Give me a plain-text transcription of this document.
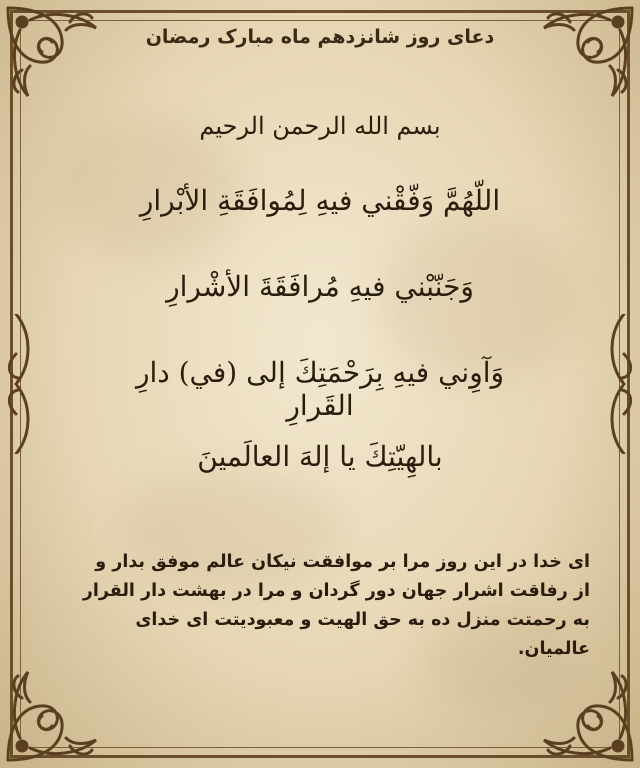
دعای روز شانزدهم ماه مبارک رمضان
بسم الله الرحمن الرحیم
اللّهُمَّ وَفّقْني فيهِ لِمُوافَقَةِ الأبْرارِ
وَجَنّبْني فيهِ مُرافَقَةَ الأشْرارِ
وَآوِني فيهِ بِرَحْمَتِكَ إلى (في) دارِ القَرارِ
بالهِيّتِكَ يا إلهَ العالَمينَ
ای خدا در این روز مرا بر موافقت نیکان عالم موفق بدار و
از رفاقت اشرار جهان دور گردان و مرا در بهشت دار القرار
به رحمتت منزل ده به حق الهیت و معبودیتت ای خدای
عالمیان.
